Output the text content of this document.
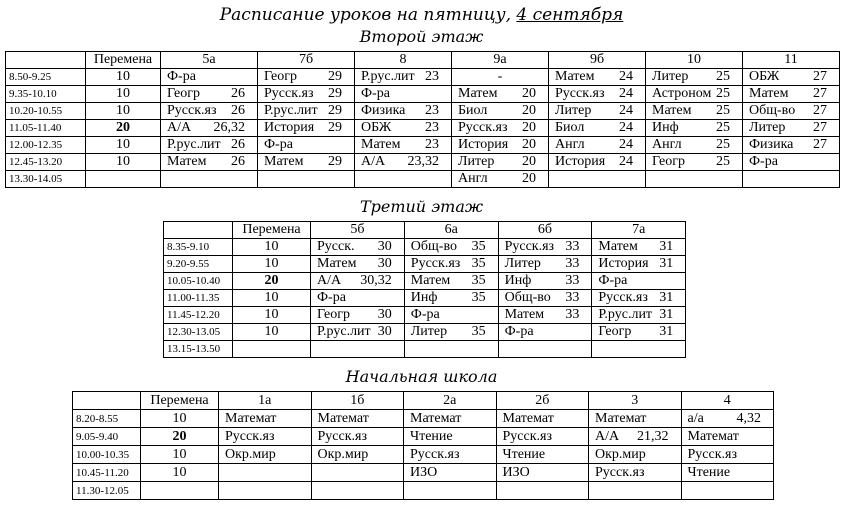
Расписание уроков на пятницу, 4 сентября
Второй этаж
	Перемена	5а	7б	8	9а	9б	10	11
8.50-9.25	10	Ф-ра	Геогр 29	Р.рус.лит 23	-	Матем 24	Литер 25	ОБЖ 27

9.35-10.10	10	Геогр 26	Русск.яз 29	Ф-ра	Матем 20	Русск.яз 24	Астроном 25	Матем 27

10.20-10.55	10	Русск.яз 26	Р.рус.лит 29	Физика 23	Биол 20	Литер 24	Матем 25	Общ-во 27

11.05-11.40	20	А/А 26,32	История 29	ОБЖ 23	Русск.яз 20	Биол 24	Инф 25	Литер 27

12.00-12.35	10	Р.рус.лит 26	Ф-ра	Матем 23	История 20	Англ 24	Англ 25	Физика 27

12.45-13.20	10	Матем 26	Матем 29	А/А 23,32	Литер 20	История 24	Геогр 25	Ф-ра

13.30-14.05					Англ 20			

Третий этаж
	Перемена	5б	6а	6б	7а
8.35-9.10	10	Русск. 30	Общ-во 35	Русск.яз 33	Матем 31

9.20-9.55	10	Матем 30	Русск.яз 35	Литер 33	История 31

10.05-10.40	20	А/А 30,32	Матем 35	Инф 33	Ф-ра

11.00-11.35	10	Ф-ра	Инф 35	Общ-во 33	Русск.яз 31

11.45-12.20	10	Геогр 30	Ф-ра	Матем 33	Р.рус.лит 31

12.30-13.05	10	Р.рус.лит 30	Литер 35	Ф-ра	Геогр 31

13.15-13.50		

Начальная школа
	Перемена	1а	1б	2а	2б	3	4
8.20-8.55	10	Математ	Математ	Математ	Математ	Математ	а/а 4,32

9.05-9.40	20	Русск.яз	Русск.яз	Чтение	Русск.яз	А/А 21,32	Математ

10.00-10.35	10	Окр.мир	Окр.мир	Русск.яз	Чтение	Окр.мир	Русск.яз

10.45-11.20	10			ИЗО	ИЗО	Русск.яз	Чтение

11.30-12.05		
